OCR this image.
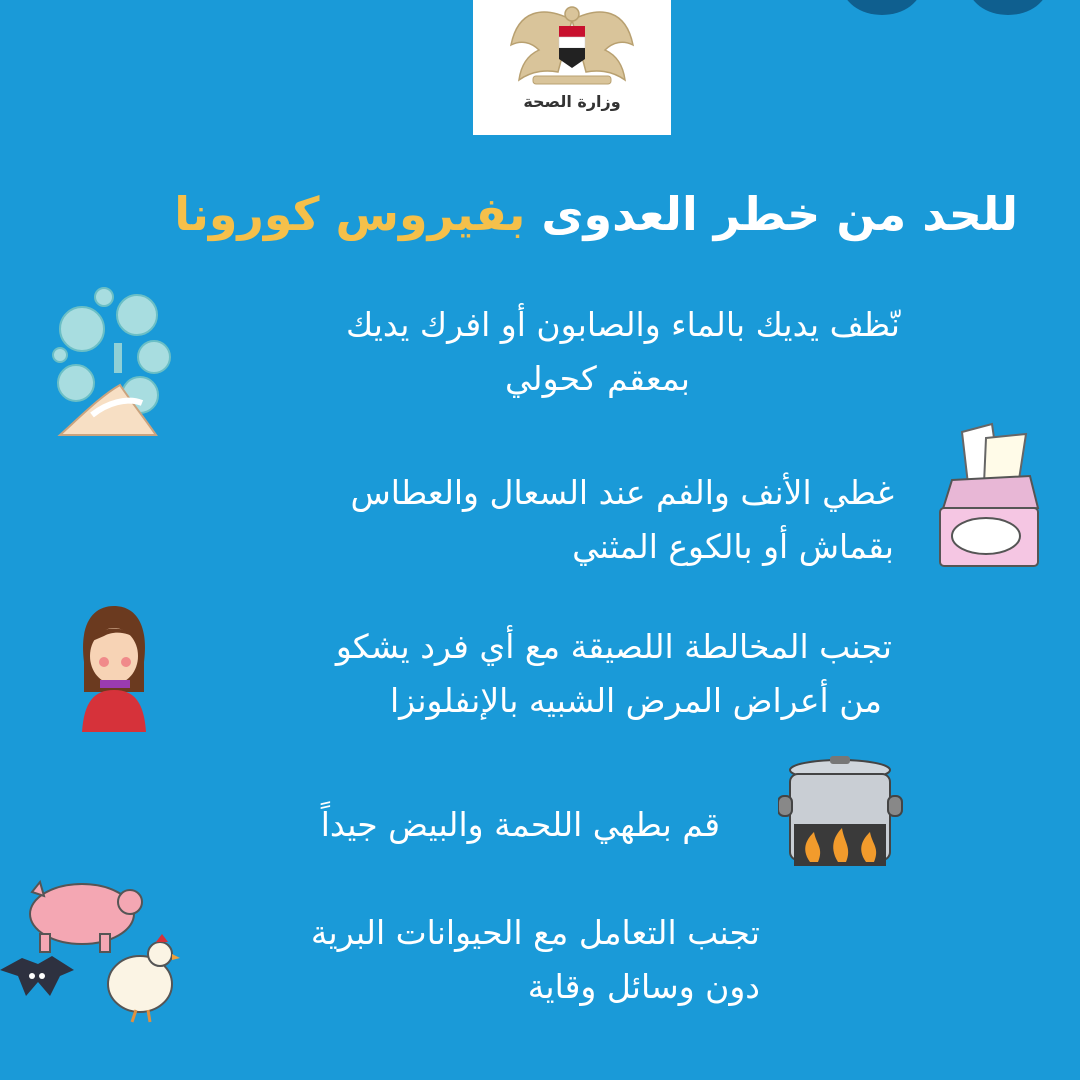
وزارة الصحة
للحد من خطر العدوى بفيروس كورونا
نّظف يديك بالماء والصابون أو افرك يديك
بمعقم كحولي
غطي الأنف والفم عند السعال والعطاس
بقماش أو بالكوع المثني
تجنب المخالطة اللصيقة مع أي فرد يشكو
من أعراض المرض الشبيه بالإنفلونزا
قم بطهي اللحمة والبيض جيداً
تجنب التعامل مع الحيوانات البرية
دون وسائل وقاية
